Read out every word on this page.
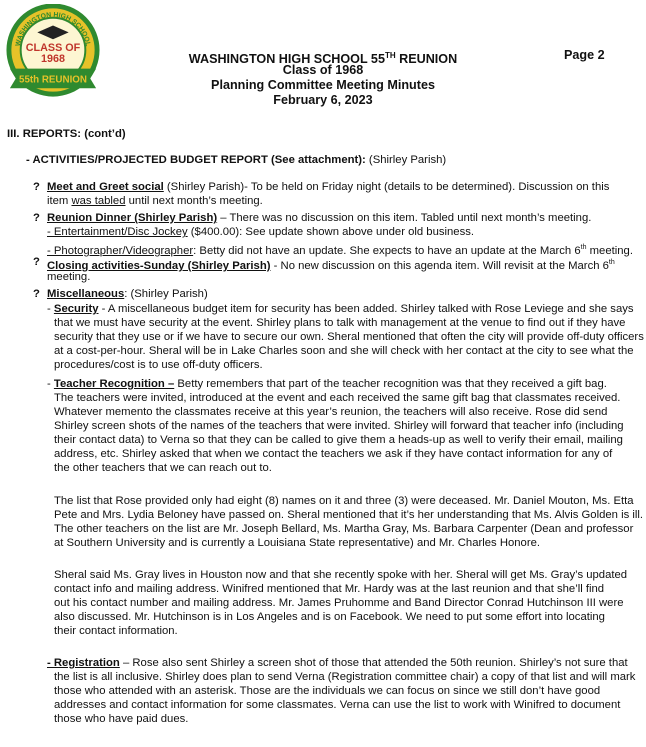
WASHINGTON HIGH SCHOOL
CLASS OF
1968
55th REUNION
WASHINGTON HIGH SCHOOL 55TH REUNION
Class of 1968
Planning Committee Meeting Minutes
February 6, 2023
Page 2
III. REPORTS: (cont’d)
- ACTIVITIES/PROJECTED BUDGET REPORT (See attachment): (Shirley Parish)
? Meet and Greet social (Shirley Parish)- To be held on Friday night (details to be determined). Discussion on this
item was tabled until next month’s meeting.
? Reunion Dinner (Shirley Parish) – There was no discussion on this item. Tabled until next month’s meeting.
- Entertainment/Disc Jockey ($400.00): See update shown above under old business.
- Photographer/Videographer: Betty did not have an update. She expects to have an update at the March 6th meeting.
? Closing activities-Sunday (Shirley Parish) - No new discussion on this agenda item. Will revisit at the March 6th
meeting.
? Miscellaneous: (Shirley Parish)
- Security - A miscellaneous budget item for security has been added. Shirley talked with Rose Leviege and she says
that we must have security at the event. Shirley plans to talk with management at the venue to find out if they have
security that they use or if we have to secure our own. Sheral mentioned that often the city will provide off-duty officers
at a cost-per-hour. Sheral will be in Lake Charles soon and she will check with her contact at the city to see what the
procedures/cost is to use off-duty officers.
- Teacher Recognition – Betty remembers that part of the teacher recognition was that they received a gift bag.
The teachers were invited, introduced at the event and each received the same gift bag that classmates received.
Whatever memento the classmates receive at this year’s reunion, the teachers will also receive. Rose did send
Shirley screen shots of the names of the teachers that were invited. Shirley will forward that teacher info (including
their contact data) to Verna so that they can be called to give them a heads-up as well to verify their email, mailing
address, etc. Shirley asked that when we contact the teachers we ask if they have contact information for any of
the other teachers that we can reach out to.
The list that Rose provided only had eight (8) names on it and three (3) were deceased. Mr. Daniel Mouton, Ms. Etta
Pete and Mrs. Lydia Beloney have passed on. Sheral mentioned that it’s her understanding that Ms. Alvis Golden is ill.
The other teachers on the list are Mr. Joseph Bellard, Ms. Martha Gray, Ms. Barbara Carpenter (Dean and professor
at Southern University and is currently a Louisiana State representative) and Mr. Charles Honore.
Sheral said Ms. Gray lives in Houston now and that she recently spoke with her. Sheral will get Ms. Gray’s updated
contact info and mailing address. Winifred mentioned that Mr. Hardy was at the last reunion and that she’ll find
out his contact number and mailing address. Mr. James Pruhomme and Band Director Conrad Hutchinson III were
also discussed. Mr. Hutchinson is in Los Angeles and is on Facebook. We need to put some effort into locating
their contact information.
- Registration – Rose also sent Shirley a screen shot of those that attended the 50th reunion. Shirley’s not sure that
the list is all inclusive. Shirley does plan to send Verna (Registration committee chair) a copy of that list and will mark
those who attended with an asterisk. Those are the individuals we can focus on since we still don’t have good
addresses and contact information for some classmates. Verna can use the list to work with Winifred to document
those who have paid dues.
